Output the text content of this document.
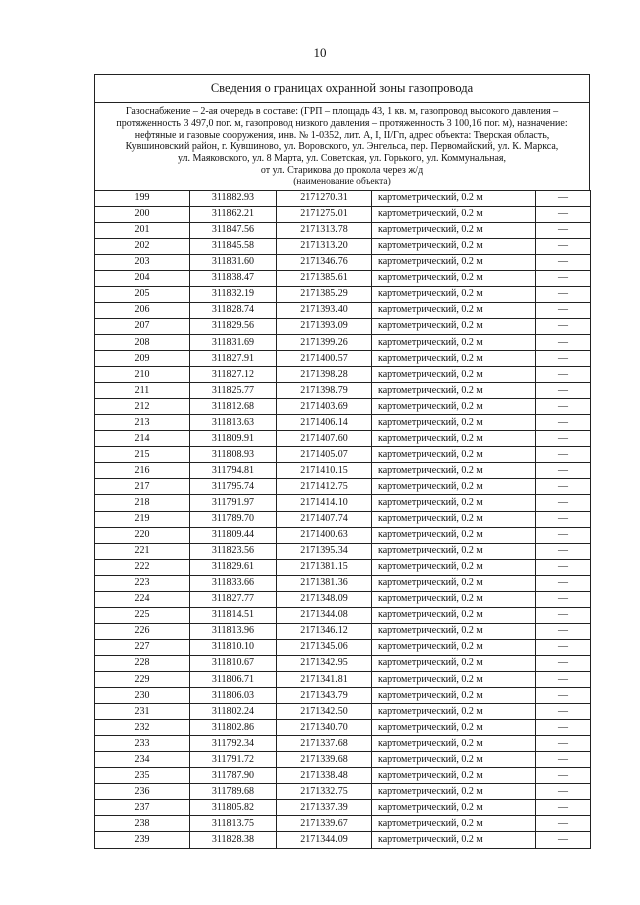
10
Сведения о границах охранной зоны газопровода
Газоснабжение – 2-ая очередь в составе: (ГРП – площадь 43, 1 кв. м, газопровод высокого давления –
протяженность 3 497,0 пог. м, газопровод низкого давления – протяженность 3 100,16 пог. м), назначение:
нефтяные и газовые сооружения, инв. № 1-0352, лит. А, I, II/Гп, адрес объекта: Тверская область,
Кувшиновский район, г. Кувшиново, ул. Воровского, ул. Энгельса, пер. Первомайский, ул. К. Маркса,
ул. Маяковского, ул. 8 Марта, ул. Советская, ул. Горького, ул. Коммунальная,
от ул. Старикова до прокола через ж/д
(наименование объекта)
199	311882.93	2171270.31	картометрический, 0.2 м	—
200	311862.21	2171275.01	картометрический, 0.2 м	—
201	311847.56	2171313.78	картометрический, 0.2 м	—
202	311845.58	2171313.20	картометрический, 0.2 м	—
203	311831.60	2171346.76	картометрический, 0.2 м	—
204	311838.47	2171385.61	картометрический, 0.2 м	—
205	311832.19	2171385.29	картометрический, 0.2 м	—
206	311828.74	2171393.40	картометрический, 0.2 м	—
207	311829.56	2171393.09	картометрический, 0.2 м	—
208	311831.69	2171399.26	картометрический, 0.2 м	—
209	311827.91	2171400.57	картометрический, 0.2 м	—
210	311827.12	2171398.28	картометрический, 0.2 м	—
211	311825.77	2171398.79	картометрический, 0.2 м	—
212	311812.68	2171403.69	картометрический, 0.2 м	—
213	311813.63	2171406.14	картометрический, 0.2 м	—
214	311809.91	2171407.60	картометрический, 0.2 м	—
215	311808.93	2171405.07	картометрический, 0.2 м	—
216	311794.81	2171410.15	картометрический, 0.2 м	—
217	311795.74	2171412.75	картометрический, 0.2 м	—
218	311791.97	2171414.10	картометрический, 0.2 м	—
219	311789.70	2171407.74	картометрический, 0.2 м	—
220	311809.44	2171400.63	картометрический, 0.2 м	—
221	311823.56	2171395.34	картометрический, 0.2 м	—
222	311829.61	2171381.15	картометрический, 0.2 м	—
223	311833.66	2171381.36	картометрический, 0.2 м	—
224	311827.77	2171348.09	картометрический, 0.2 м	—
225	311814.51	2171344.08	картометрический, 0.2 м	—
226	311813.96	2171346.12	картометрический, 0.2 м	—
227	311810.10	2171345.06	картометрический, 0.2 м	—
228	311810.67	2171342.95	картометрический, 0.2 м	—
229	311806.71	2171341.81	картометрический, 0.2 м	—
230	311806.03	2171343.79	картометрический, 0.2 м	—
231	311802.24	2171342.50	картометрический, 0.2 м	—
232	311802.86	2171340.70	картометрический, 0.2 м	—
233	311792.34	2171337.68	картометрический, 0.2 м	—
234	311791.72	2171339.68	картометрический, 0.2 м	—
235	311787.90	2171338.48	картометрический, 0.2 м	—
236	311789.68	2171332.75	картометрический, 0.2 м	—
237	311805.82	2171337.39	картометрический, 0.2 м	—
238	311813.75	2171339.67	картометрический, 0.2 м	—
239	311828.38	2171344.09	картометрический, 0.2 м	—
